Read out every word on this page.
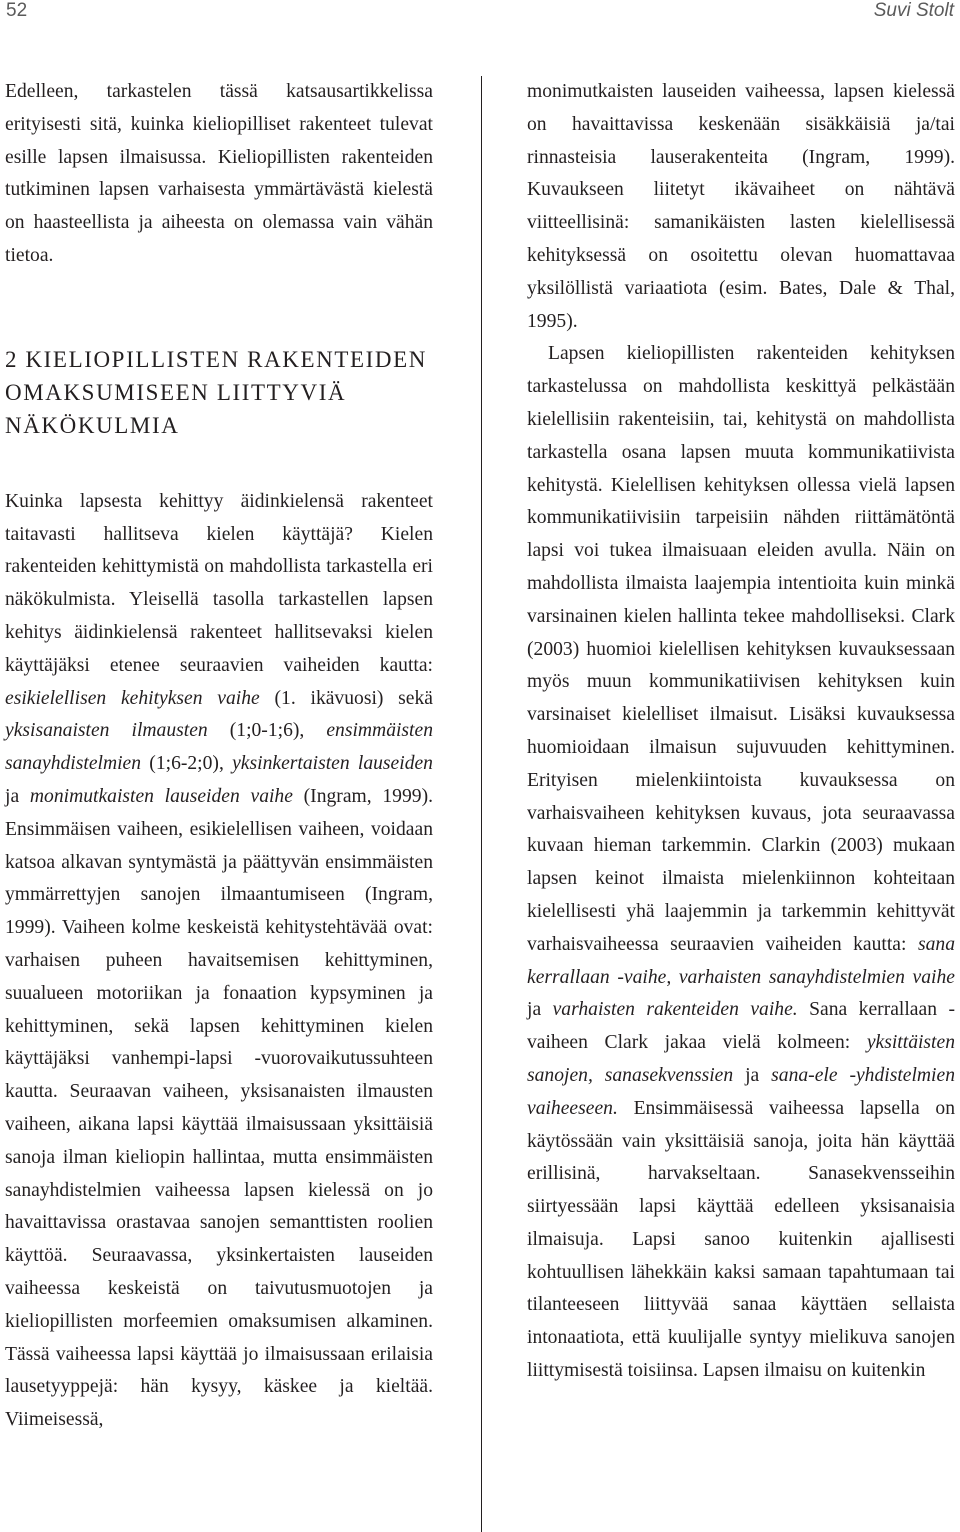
52	Suvi Stolt

Edelleen, tarkastelen tässä katsausartikkelissa erityisesti sitä, kuinka kieliopilliset rakenteet tulevat esille lapsen ilmaisussa. Kieliopillisten rakenteiden tutkiminen lapsen varhaisesta ymmärtävästä kielestä on haasteellista ja aiheesta on olemassa vain vähän tietoa.

2 KIELIOPILLISTEN RAKENTEIDEN OMAKSUMISEEN LIITTYVIÄ NÄKÖKULMIA

Kuinka lapsesta kehittyy äidinkielensä rakenteet taitavasti hallitseva kielen käyttäjä? Kielen rakenteiden kehittymistä on mahdollista tarkastella eri näkökulmista. Yleisellä tasolla tarkastellen lapsen kehitys äidinkielensä rakenteet hallitsevaksi kielen käyttäjäksi etenee seuraavien vaiheiden kautta: esikielellisen kehityksen vaihe (1. ikävuosi) sekä yksisanaisten ilmausten (1;0-1;6), ensimmäisten sanayhdistelmien (1;6-2;0), yksinkertaisten lauseiden ja monimutkaisten lauseiden vaihe (Ingram, 1999). Ensimmäisen vaiheen, esikielellisen vaiheen, voidaan katsoa alkavan syntymästä ja päättyvän ensimmäisten ymmärrettyjen sanojen ilmaantumiseen (Ingram, 1999). Vaiheen kolme keskeistä kehitystehtävää ovat: varhaisen puheen havaitsemisen kehittyminen, suualueen motoriikan ja fonaation kypsyminen ja kehittyminen, sekä lapsen kehittyminen kielen käyttäjäksi vanhempi-lapsi -vuorovaikutussuhteen kautta. Seuraavan vaiheen, yksisanaisten ilmausten vaiheen, aikana lapsi käyttää ilmaisussaan yksittäisiä sanoja ilman kieliopin hallintaa, mutta ensimmäisten sanayhdistelmien vaiheessa lapsen kielessä on jo havaittavissa orastavaa sanojen semanttisten roolien käyttöä. Seuraavassa, yksinkertaisten lauseiden vaiheessa keskeistä on taivutusmuotojen ja kieliopillisten morfeemien omaksumisen alkaminen. Tässä vaiheessa lapsi käyttää jo ilmaisussaan erilaisia lausetyyppejä: hän kysyy, käskee ja kieltää. Viimeisessä,

monimutkaisten lauseiden vaiheessa, lapsen kielessä on havaittavissa keskenään sisäkkäisiä ja/tai rinnasteisia lauserakenteita (Ingram, 1999). Kuvaukseen liitetyt ikävaiheet on nähtävä viitteellisinä: samanikäisten lasten kielellisessä kehityksessä on osoitettu olevan huomattavaa yksilöllistä variaatiota (esim. Bates, Dale & Thal, 1995).

Lapsen kieliopillisten rakenteiden kehityksen tarkastelussa on mahdollista keskittyä pelkästään kielellisiin rakenteisiin, tai, kehitystä on mahdollista tarkastella osana lapsen muuta kommunikatiivista kehitystä. Kielellisen kehityksen ollessa vielä lapsen kommunikatiivisiin tarpeisiin nähden riittämätöntä lapsi voi tukea ilmaisuaan eleiden avulla. Näin on mahdollista ilmaista laajempia intentioita kuin minkä varsinainen kielen hallinta tekee mahdolliseksi. Clark (2003) huomioi kielellisen kehityksen kuvauksessaan myös muun kommunikatiivisen kehityksen kuin varsinaiset kielelliset ilmaisut. Lisäksi kuvauksessa huomioidaan ilmaisun sujuvuuden kehittyminen. Erityisen mielenkiintoista kuvauksessa on varhaisvaiheen kehityksen kuvaus, jota seuraavassa kuvaan hieman tarkemmin. Clarkin (2003) mukaan lapsen keinot ilmaista mielenkiinnon kohteitaan kielellisesti yhä laajemmin ja tarkemmin kehittyvät varhaisvaiheessa seuraavien vaiheiden kautta: sana kerrallaan -vaihe, varhaisten sanayhdistelmien vaihe ja varhaisten rakenteiden vaihe. Sana kerrallaan -vaiheen Clark jakaa vielä kolmeen: yksittäisten sanojen, sanasekvenssien ja sana-ele -yhdistelmien vaiheeseen. Ensimmäisessä vaiheessa lapsella on käytössään vain yksittäisiä sanoja, joita hän käyttää erillisinä, harvakseltaan. Sanasekvensseihin siirtyessään lapsi käyttää edelleen yksisanaisia ilmaisuja. Lapsi sanoo kuitenkin ajallisesti kohtuullisen lähekkäin kaksi samaan tapahtumaan tai tilanteeseen liittyvää sanaa käyttäen sellaista intonaatiota, että kuulijalle syntyy mielikuva sanojen liittymisestä toisiinsa. Lapsen ilmaisu on kuitenkin
